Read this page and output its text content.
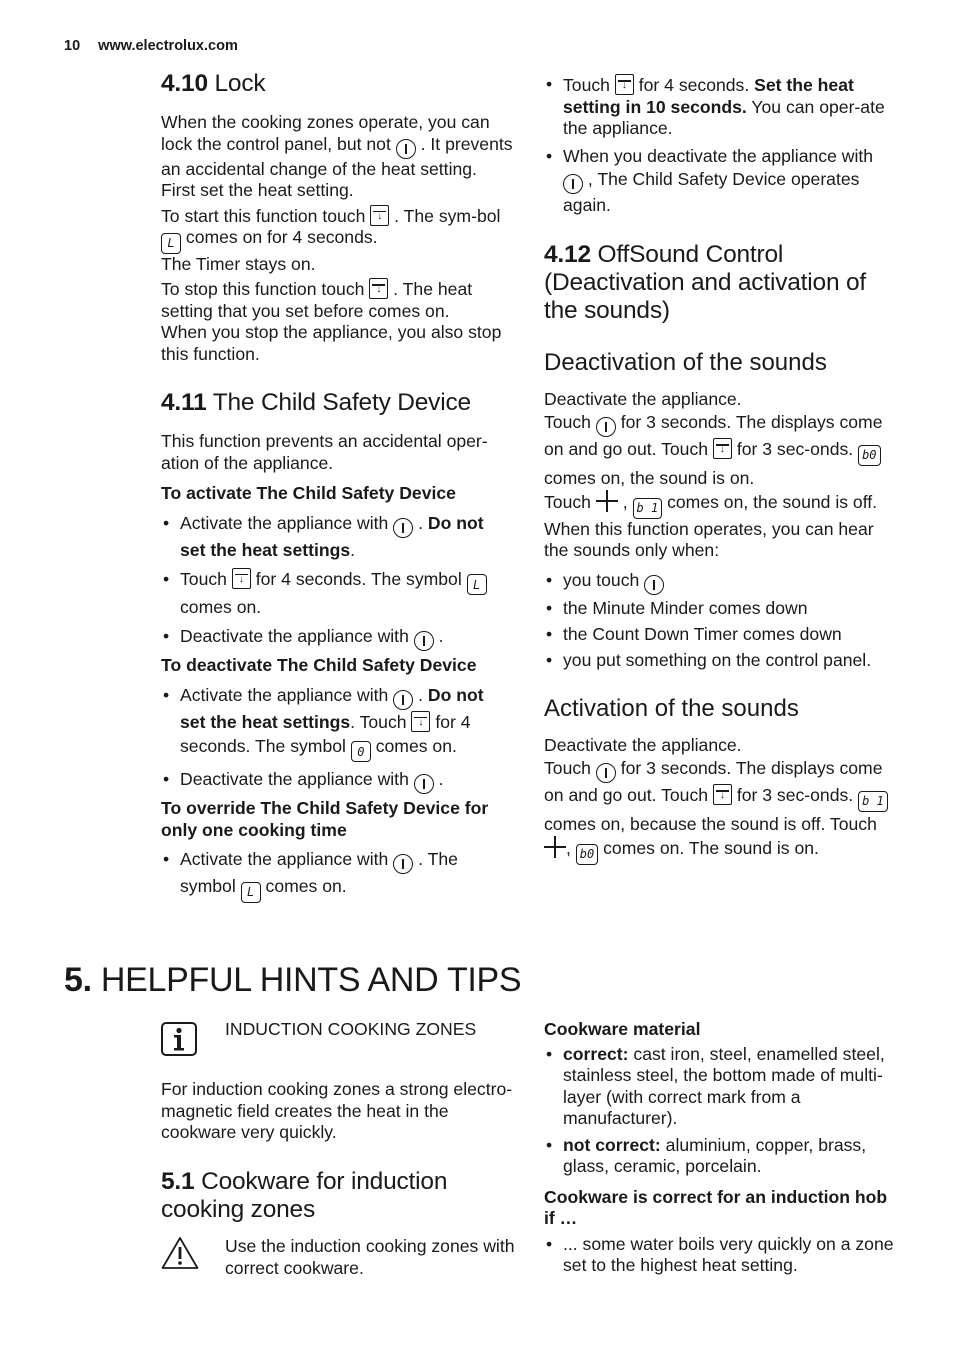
10 www.electrolux.com
4.10 Lock

When the cooking zones operate, you can lock the control panel, but not . It prevents an accidental change of the heat setting.

First set the heat setting.

To start this function touch ↓ . The sym-bol L comes on for 4 seconds.

The Timer stays on.

To stop this function touch ↓ . The heat setting that you set before comes on.

When you stop the appliance, you also stop this function.

4.11 The Child Safety Device

This function prevents an accidental oper-ation of the appliance.

To activate The Child Safety Device
• Activate the appliance with . Do not set the heat settings.
• Touch ↓ for 4 seconds. The symbol L comes on.
• Deactivate the appliance with .
To deactivate The Child Safety Device
• Activate the appliance with . Do not set the heat settings. Touch ↓ for 4 seconds. The symbol 0 comes on.
• Deactivate the appliance with .
To override The Child Safety Device for only one cooking time
• Activate the appliance with . The symbol L comes on.
• Touch ↓ for 4 seconds. Set the heat setting in 10 seconds. You can oper-ate the appliance.
• When you deactivate the appliance with  , The Child Safety Device operates again.
4.12 OffSound Control (Deactivation and activation of the sounds)
Deactivation of the sounds

Deactivate the appliance.

Touch for 3 seconds. The displays come on and go out. Touch ↓ for 3 sec-onds. b0 comes on, the sound is on.

Touch , b 1 comes on, the sound is off.

When this function operates, you can hear the sounds only when:

• you touch
• the Minute Minder comes down
• the Count Down Timer comes down
• you put something on the control panel.
Activation of the sounds

Deactivate the appliance.

Touch for 3 seconds. The displays come on and go out. Touch ↓ for 3 sec-onds. b 1 comes on, because the sound is off. Touch , b0 comes on. The sound is on.

5. HELPFUL HINTS AND TIPS
INDUCTION COOKING ZONES

For induction cooking zones a strong electro-magnetic field creates the heat in the cookware very quickly.

5.1 Cookware for induction cooking zones

Use the induction cooking zones with correct cookware.

Cookware material
• correct: cast iron, steel, enamelled steel, stainless steel, the bottom made of multi-layer (with correct mark from a manufacturer).
• not correct: aluminium, copper, brass, glass, ceramic, porcelain.
Cookware is correct for an induction hob if …
• ... some water boils very quickly on a zone set to the highest heat setting.
